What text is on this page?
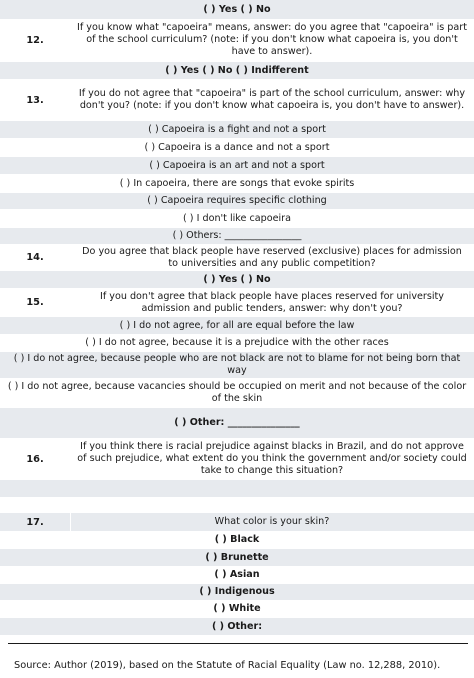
( ) Yes ( ) No
12.
If you know what "capoeira" means, answer: do you agree that "capoeira" is part of the school curriculum? (note: if you don't know what capoeira is, you don't have to answer).
( ) Yes ( ) No ( ) Indifferent
13.
If you do not agree that "capoeira" is part of the school curriculum, answer: why don't you? (note: if you don't know what capoeira is, you don't have to answer).
( ) Capoeira is a fight and not a sport
( ) Capoeira is a dance and not a sport
( ) Capoeira is an art and not a sport
( ) In capoeira, there are songs that evoke spirits
( ) Capoeira requires specific clothing
( ) I don't like capoeira
( ) Others: ________________
14.
Do you agree that black people have reserved (exclusive) places for admission to universities and any public competition?
( ) Yes ( ) No
15.
If you don't agree that black people have places reserved for university admission and public tenders, answer: why don't you?
( ) I do not agree, for all are equal before the law
( ) I do not agree, because it is a prejudice with the other races
( ) I do not agree, because people who are not black are not to blame for not being born that way
( ) I do not agree, because vacancies should be occupied on merit and not because of the color of the skin
( ) Other: _______________
16.
If you think there is racial prejudice against blacks in Brazil, and do not approve of such prejudice, what extent do you think the government and/or society could take to change this situation?
17.	What color is your skin?
( ) Black
( ) Brunette
( ) Asian
( ) Indigenous
( ) White
( ) Other:
Source: Author (2019), based on the Statute of Racial Equality (Law no. 12,288, 2010).
